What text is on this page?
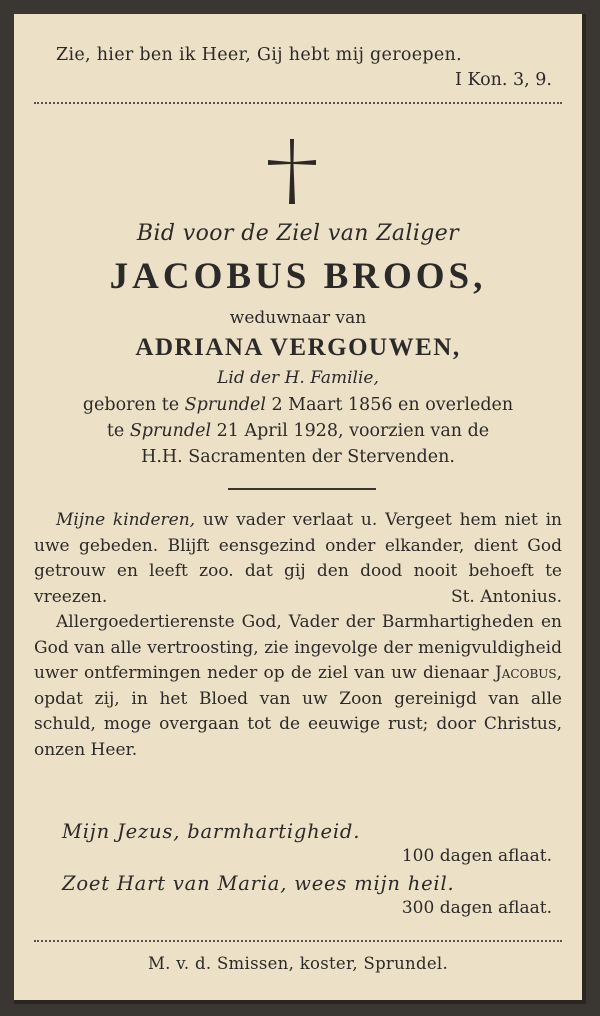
Zie, hier ben ik Heer, Gij hebt mij geroepen.
I Kon. 3, 9.
Bid voor de Ziel van Zaliger
JACOBUS BROOS,
weduwnaar van
ADRIANA VERGOUWEN,
Lid der H. Familie,
geboren te Sprundel 2 Maart 1856 en overleden
te Sprundel 21 April 1928, voorzien van de
H.H. Sacramenten der Stervenden.

Mijne kinderen, uw vader verlaat u. Vergeet hem niet in uwe gebeden. Blijft eensgezind onder elkander, dient God getrouw en leeft zoo. dat gij den dood nooit behoeft te vreezen.	St. Antonius.

Allergoedertierenste God, Vader der Barmhartigheden en God van alle vertroosting, zie ingevolge der menigvuldigheid uwer ontfermingen neder op de ziel van uw dienaar Jacobus, opdat zij, in het Bloed van uw Zoon gereinigd van alle schuld, moge overgaan tot de eeuwige rust; door Christus, onzen Heer.

Mijn Jezus, barmhartigheid.
100 dagen aflaat.
Zoet Hart van Maria, wees mijn heil.
300 dagen aflaat.
M. v. d. Smissen, koster, Sprundel.
